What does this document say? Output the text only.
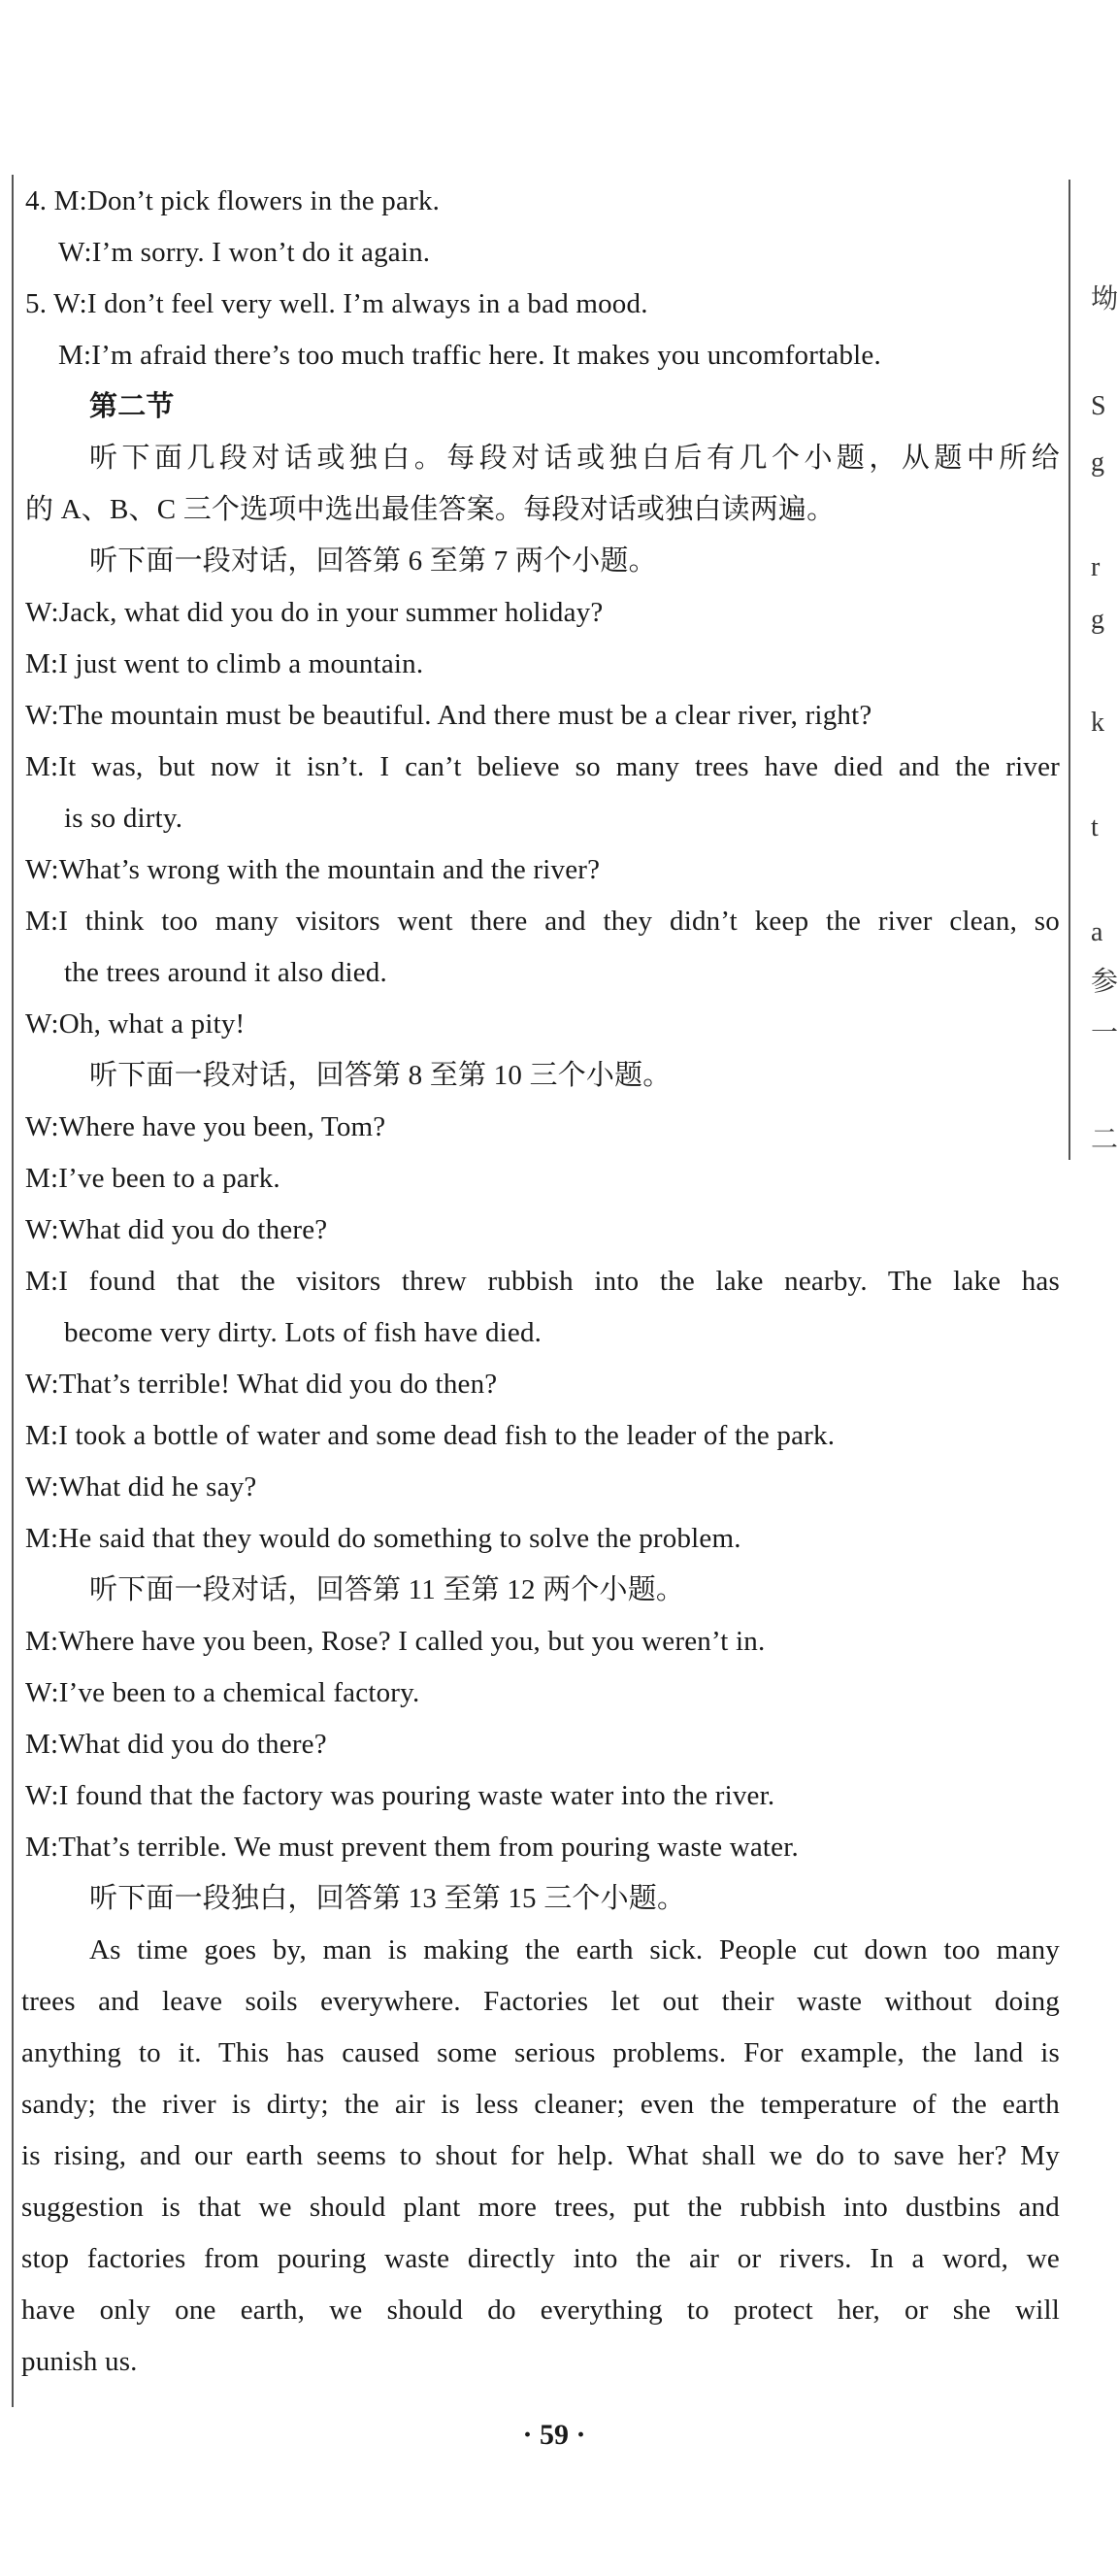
4. M:Don’t pick flowers in the park.

W:I’m sorry. I won’t do it again.

5. W:I don’t feel very well. I’m always in a bad mood.

M:I’m afraid there’s too much traffic here. It makes you uncomfortable.

第二节

听下面几段对话或独白。每段对话或独白后有几个小题，从题中所给

的 A、B、C 三个选项中选出最佳答案。每段对话或独白读两遍。

听下面一段对话，回答第 6 至第 7 两个小题。

W:Jack, what did you do in your summer holiday?

M:I just went to climb a mountain.

W:The mountain must be beautiful. And there must be a clear river, right?

M:It was, but now it isn’t. I can’t believe so many trees have died and the river

is so dirty.

W:What’s wrong with the mountain and the river?

M:I think too many visitors went there and they didn’t keep the river clean, so

the trees around it also died.

W:Oh, what a pity!

听下面一段对话，回答第 8 至第 10 三个小题。

W:Where have you been, Tom?

M:I’ve been to a park.

W:What did you do there?

M:I found that the visitors threw rubbish into the lake nearby. The lake has

become very dirty. Lots of fish have died.

W:That’s terrible! What did you do then?

M:I took a bottle of water and some dead fish to the leader of the park.

W:What did he say?

M:He said that they would do something to solve the problem.

听下面一段对话，回答第 11 至第 12 两个小题。

M:Where have you been, Rose? I called you, but you weren’t in.

W:I’ve been to a chemical factory.

M:What did you do there?

W:I found that the factory was pouring waste water into the river.

M:That’s terrible. We must prevent them from pouring waste water.

听下面一段独白，回答第 13 至第 15 三个小题。

As time goes by, man is making the earth sick. People cut down too many

trees and leave soils everywhere. Factories let out their waste without doing

anything to it. This has caused some serious problems. For example, the land is

sandy; the river is dirty; the air is less cleaner; even the temperature of the earth

is rising, and our earth seems to shout for help. What shall we do to save her? My

suggestion is that we should plant more trees, put the rubbish into dustbins and

stop factories from pouring waste directly into the air or rivers. In a word, we

have only one earth, we should do everything to protect her, or she will

punish us.

· 59 ·
坳
S
g
r
g
k
t
a
参
一
二
